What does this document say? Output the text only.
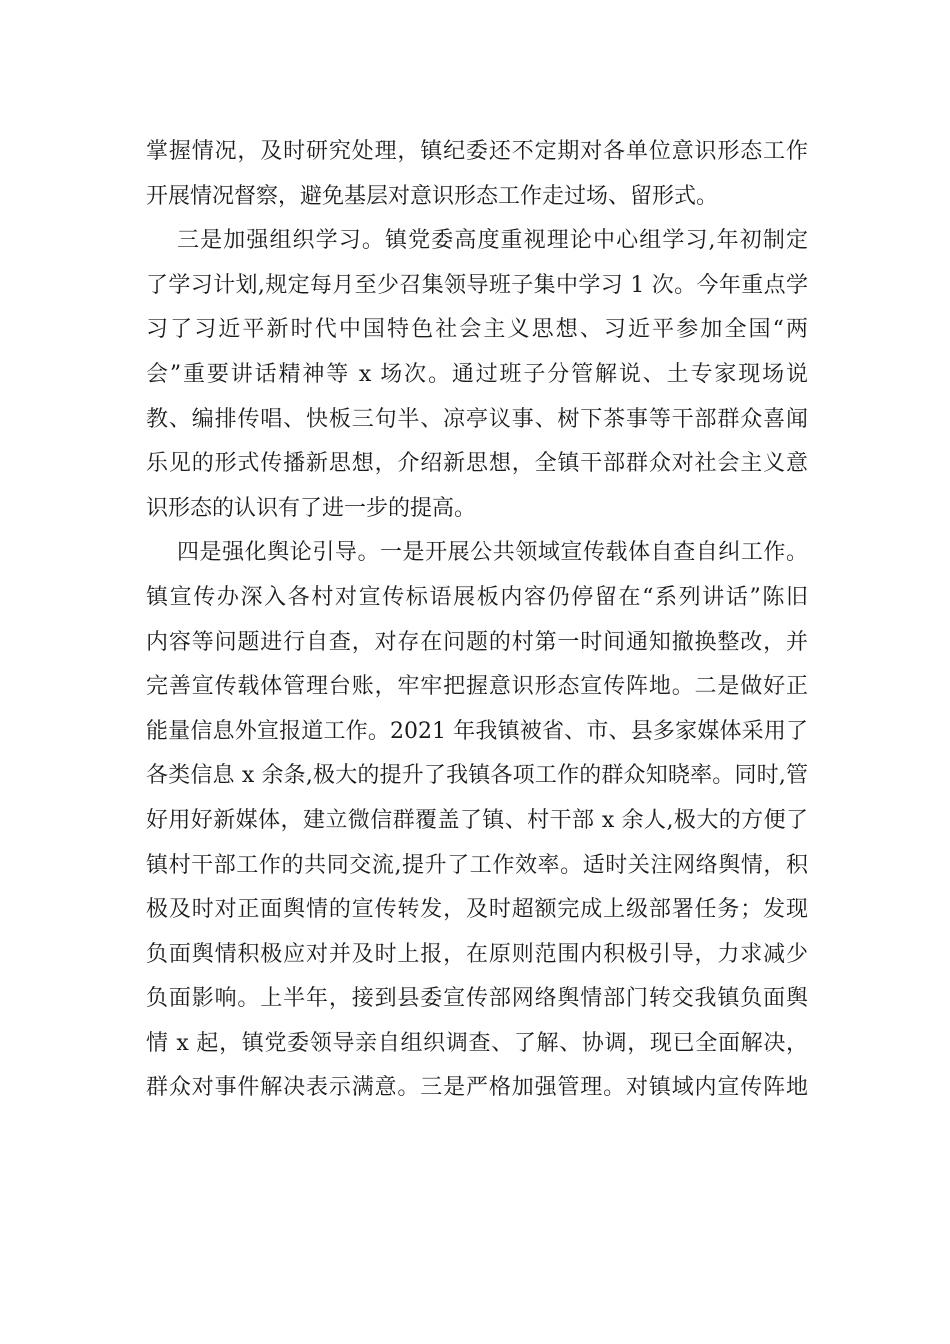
掌握情况，及时研究处理，镇纪委还不定期对各单位意识形态工作
开展情况督察，避免基层对意识形态工作走过场、留形式。
三是加强组织学习。镇党委高度重视理论中心组学习,年初制定
了学习计划,规定每月至少召集领导班子集中学习 1 次。今年重点学
习了习近平新时代中国特色社会主义思想、习近平参加全国“两
会”重要讲话精神等 x 场次。通过班子分管解说、土专家现场说
教、编排传唱、快板三句半、凉亭议事、树下茶事等干部群众喜闻
乐见的形式传播新思想，介绍新思想，全镇干部群众对社会主义意
识形态的认识有了进一步的提高。
四是强化舆论引导。一是开展公共领域宣传载体自查自纠工作。
镇宣传办深入各村对宣传标语展板内容仍停留在“系列讲话”陈旧
内容等问题进行自查，对存在问题的村第一时间通知撤换整改，并
完善宣传载体管理台账，牢牢把握意识形态宣传阵地。二是做好正
能量信息外宣报道工作。2021 年我镇被省、市、县多家媒体采用了
各类信息 x 余条,极大的提升了我镇各项工作的群众知晓率。同时,管
好用好新媒体，建立微信群覆盖了镇、村干部 x 余人,极大的方便了
镇村干部工作的共同交流,提升了工作效率。适时关注网络舆情，积
极及时对正面舆情的宣传转发，及时超额完成上级部署任务；发现
负面舆情积极应对并及时上报，在原则范围内积极引导，力求减少
负面影响。上半年，接到县委宣传部网络舆情部门转交我镇负面舆
情 x 起，镇党委领导亲自组织调查、了解、协调，现已全面解决，
群众对事件解决表示满意。三是严格加强管理。对镇域内宣传阵地
